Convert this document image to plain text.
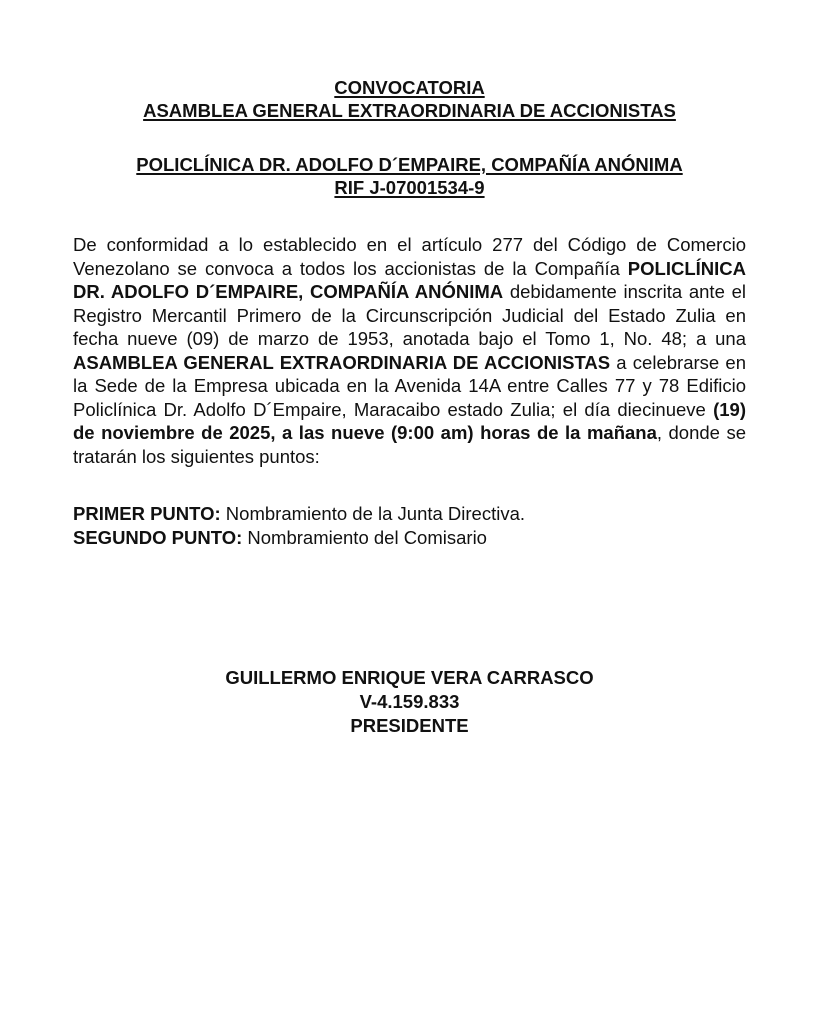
CONVOCATORIA
ASAMBLEA GENERAL EXTRAORDINARIA DE ACCIONISTAS
POLICLÍNICA DR. ADOLFO D´EMPAIRE, COMPAÑÍA ANÓNIMA
RIF J-07001534-9
De conformidad a lo establecido en el artículo 277 del Código de Comercio Venezolano se convoca a todos los accionistas de la Compañía POLICLÍNICA DR. ADOLFO D´EMPAIRE, COMPAÑÍA ANÓNIMA debidamente inscrita ante el Registro Mercantil Primero de la Circunscripción Judicial del Estado Zulia en fecha nueve (09) de marzo de 1953, anotada bajo el Tomo 1, No. 48; a una ASAMBLEA GENERAL EXTRAORDINARIA DE ACCIONISTAS a celebrarse en la Sede de la Empresa ubicada en la Avenida 14A entre Calles 77 y 78 Edificio Policlínica Dr. Adolfo D´Empaire, Maracaibo estado Zulia; el día diecinueve (19) de noviembre de 2025, a las nueve (9:00 am) horas de la mañana, donde se tratarán los siguientes puntos:
PRIMER PUNTO: Nombramiento de la Junta Directiva.
SEGUNDO PUNTO: Nombramiento del Comisario
GUILLERMO ENRIQUE VERA CARRASCO
V-4.159.833
PRESIDENTE
